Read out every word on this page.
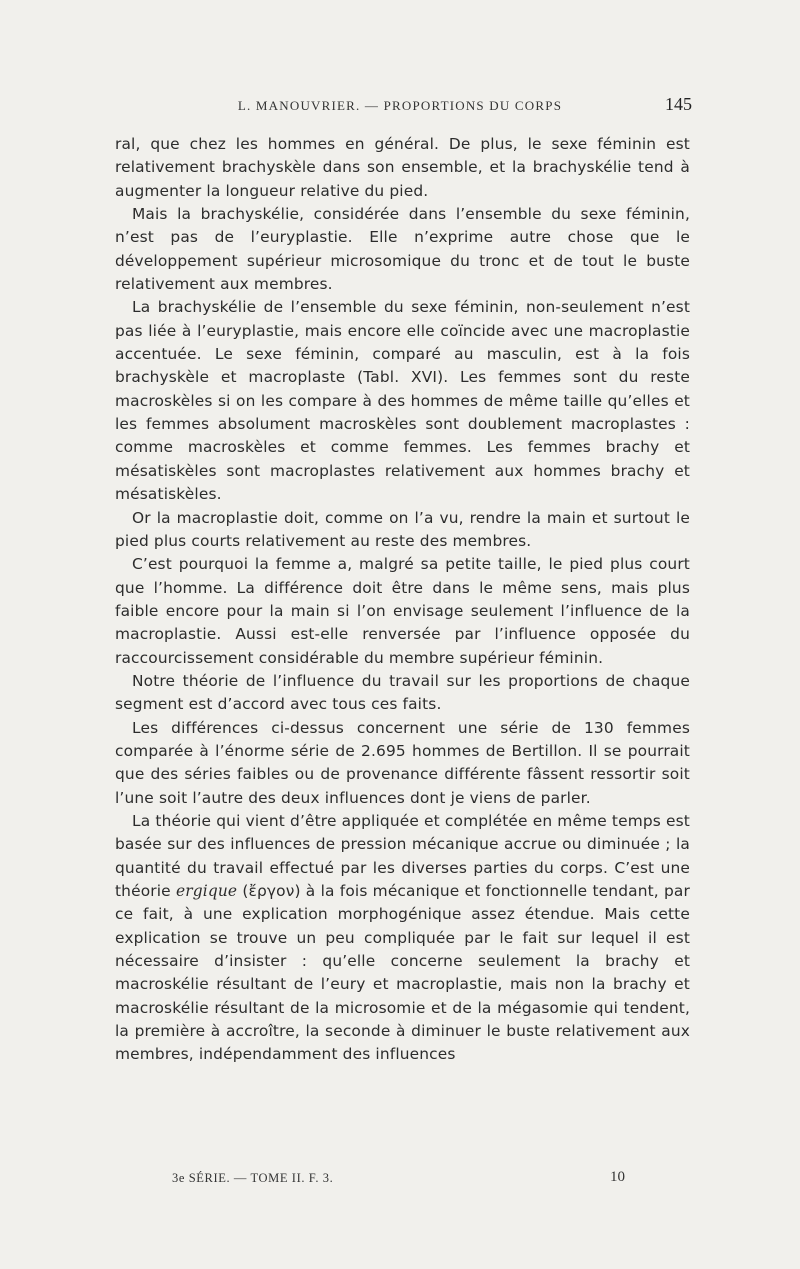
L. MANOUVRIER. — PROPORTIONS DU CORPS	145

ral, que chez les hommes en général. De plus, le sexe féminin est relativement brachyskèle dans son ensemble, et la brachyskélie tend à augmenter la longueur relative du pied.

Mais la brachyskélie, considérée dans l’ensemble du sexe féminin, n’est pas de l’euryplastie. Elle n’exprime autre chose que le développement supérieur microsomique du tronc et de tout le buste relativement aux membres.

La brachyskélie de l’ensemble du sexe féminin, non-seulement n’est pas liée à l’euryplastie, mais encore elle coïncide avec une macroplastie accentuée. Le sexe féminin, comparé au masculin, est à la fois brachyskèle et macroplaste (Tabl. XVI). Les femmes sont du reste macroskèles si on les compare à des hommes de même taille qu’elles et les femmes absolument macroskèles sont doublement macroplastes : comme macroskèles et comme femmes. Les femmes brachy et mésatiskèles sont macroplastes relativement aux hommes brachy et mésatiskèles.

Or la macroplastie doit, comme on l’a vu, rendre la main et surtout le pied plus courts relativement au reste des membres.

C’est pourquoi la femme a, malgré sa petite taille, le pied plus court que l’homme. La différence doit être dans le même sens, mais plus faible encore pour la main si l’on envisage seulement l’influence de la macroplastie. Aussi est-elle renversée par l’influence opposée du raccourcissement considérable du membre supérieur féminin.

Notre théorie de l’influence du travail sur les proportions de chaque segment est d’accord avec tous ces faits.

Les différences ci-dessus concernent une série de 130 femmes comparée à l’énorme série de 2.695 hommes de Bertillon. Il se pourrait que des séries faibles ou de provenance différente fâssent ressortir soit l’une soit l’autre des deux influences dont je viens de parler.

La théorie qui vient d’être appliquée et complétée en même temps est basée sur des influences de pression mécanique accrue ou diminuée ; la quantité du travail effectué par les diverses parties du corps. C’est une théorie ergique (ἔργον) à la fois mécanique et fonctionnelle tendant, par ce fait, à une explication morphogénique assez étendue. Mais cette explication se trouve un peu compliquée par le fait sur lequel il est nécessaire d’insister : qu’elle concerne seulement la brachy et macroskélie résultant de l’eury et macroplastie, mais non la brachy et macroskélie résultant de la microsomie et de la mégasomie qui tendent, la première à accroître, la seconde à diminuer le buste relativement aux membres, indépendamment des influences

3e SÉRIE. — TOME II. F. 3.	10
